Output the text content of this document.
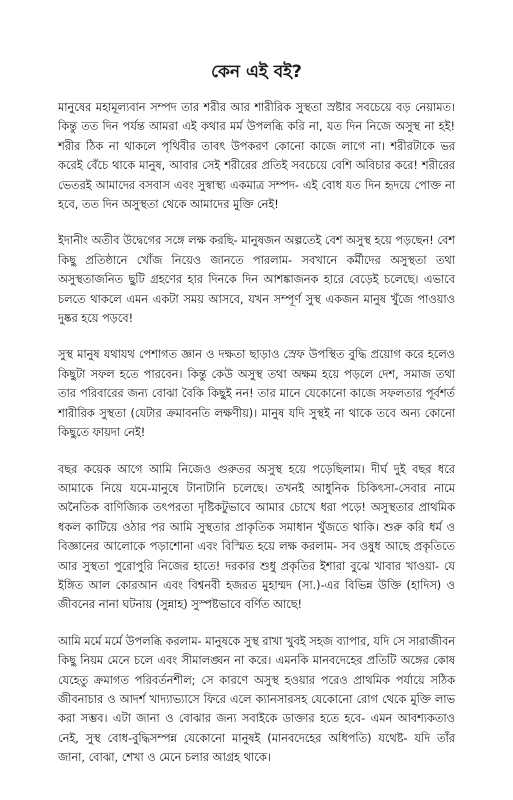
কেন এই বই?

মানুষের মহামূল্যবান সম্পদ তার শরীর আর শারীরিক সুস্থতা স্রষ্টার সবচেয়ে বড় নেয়ামত। কিন্তু তত দিন পর্যন্ত আমরা এই কথার মর্ম উপলব্ধি করি না, যত দিন নিজে অসুস্থ না হই! শরীর ঠিক না থাকলে পৃথিবীর তাবৎ উপকরণ কোনো কাজে লাগে না। শরীরটাকে ভর করেই বেঁচে থাকে মানুষ, আবার সেই শরীরের প্রতিই সবচেয়ে বেশি অবিচার করে! শরীরের ভেতরই আমাদের বসবাস এবং সুস্বাস্থ্য একমাত্র সম্পদ- এই বোধ যত দিন হৃদয়ে পোক্ত না হবে, তত দিন অসুস্থতা থেকে আমাদের মুক্তি নেই!

ইদানীং অতীব উদ্বেগের সঙ্গে লক্ষ করছি- মানুষজন অল্পতেই বেশ অসুস্থ হয়ে পড়ছেন! বেশ কিছু প্রতিষ্ঠানে খোঁজ নিয়েও জানতে পারলাম- সবখানে কর্মীদের অসুস্থতা তথা অসুস্থতাজনিত ছুটি গ্রহণের হার দিনকে দিন আশঙ্কাজনক হারে বেড়েই চলেছে। এভাবে চলতে থাকলে এমন একটা সময় আসবে, যখন সম্পূর্ণ সুস্থ একজন মানুষ খুঁজে পাওয়াও দুষ্কর হয়ে পড়বে!

সুস্থ মানুষ যথাযথ পেশাগত জ্ঞান ও দক্ষতা ছাড়াও স্রেফ উপস্থিত বুদ্ধি প্রয়োগ করে হলেও কিছুটা সফল হতে পারবেন। কিন্তু কেউ অসুস্থ তথা অক্ষম হয়ে পড়লে দেশ, সমাজ তথা তার পরিবারের জন্য বোঝা বৈকি কিছুই নন! তার মানে যেকোনো কাজে সফলতার পূর্বশর্ত শারীরিক সুস্থতা (যেটার ক্রমাবনতি লক্ষণীয়)। মানুষ যদি সুস্থই না থাকে তবে অন্য কোনো কিছুতে ফায়দা নেই!

বছর কয়েক আগে আমি নিজেও গুরুতর অসুস্থ হয়ে পড়েছিলাম। দীর্ঘ দুই বছর ধরে আমাকে নিয়ে যমে-মানুষে টানাটানি চলেছে। তখনই আধুনিক চিকিৎসা-সেবার নামে অনৈতিক বাণিজ্যিক তৎপরতা দৃষ্টিকটুভাবে আমার চোখে ধরা পড়ে! অসুস্থতার প্রাথমিক ধকল কাটিয়ে ওঠার পর আমি সুস্থতার প্রাকৃতিক সমাধান খুঁজতে থাকি। শুরু করি ধর্ম ও বিজ্ঞানের আলোকে পড়াশোনা এবং বিস্মিত হয়ে লক্ষ করলাম- সব ওষুধ আছে প্রকৃতিতে আর সুস্থতা পুরোপুরি নিজের হাতে! দরকার শুধু প্রকৃতির ইশারা বুঝে খাবার খাওয়া- যে ইঙ্গিত আল কোরআন এবং বিশ্বনবী হজরত মুহাম্মদ (সা.)-এর বিভিন্ন উক্তি (হাদিস) ও জীবনের নানা ঘটনায় (সুন্নাহ) সুস্পষ্টভাবে বর্ণিত আছে!

আমি মর্মে মর্মে উপলব্ধি করলাম- মানুষকে সুস্থ রাখা খুবই সহজ ব্যাপার, যদি সে সারাজীবন কিছু নিয়ম মেনে চলে এবং সীমালঙ্ঘন না করে। এমনকি মানবদেহের প্রতিটি অঙ্গের কোষ যেহেতু ক্রমাগত পরিবর্তনশীল; সে কারণে অসুস্থ হওয়ার পরেও প্রাথমিক পর্যায়ে সঠিক জীবনাচার ও আদর্শ খাদ্যাভ্যাসে ফিরে এলে ক্যানসারসহ যেকোনো রোগ থেকে মুক্তি লাভ করা সম্ভব। এটা জানা ও বোঝার জন্য সবাইকে ডাক্তার হতে হবে- এমন আবশ্যকতাও নেই, সুস্থ বোধ-বুদ্ধিসম্পন্ন যেকোনো মানুষই (মানবদেহের অধিপতি) যথেষ্ট- যদি তাঁর জানা, বোঝা, শেখা ও মেনে চলার আগ্রহ থাকে।
